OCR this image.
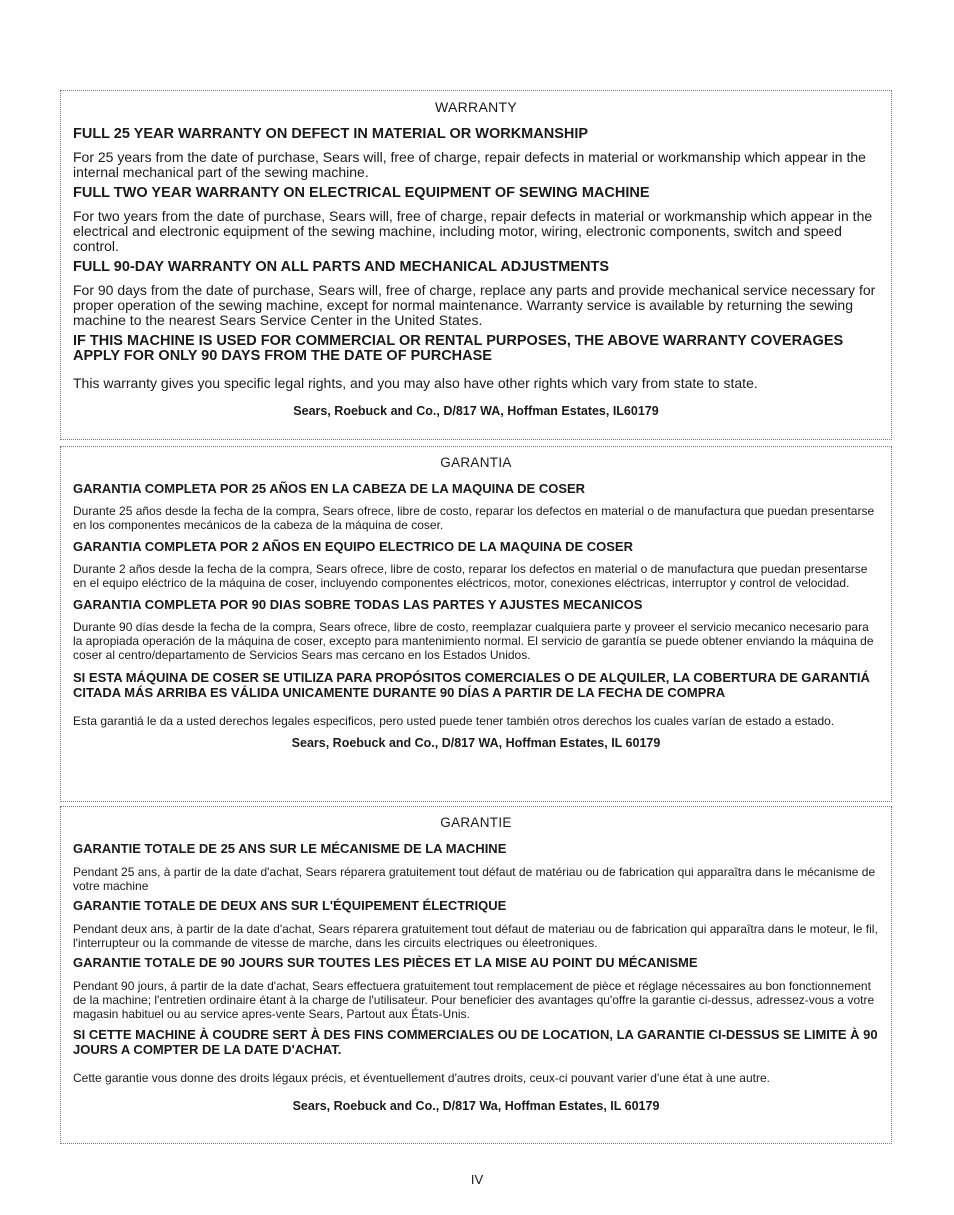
WARRANTY
FULL 25 YEAR WARRANTY ON DEFECT IN MATERIAL OR WORKMANSHIP

For 25 years from the date of purchase, Sears will, free of charge, repair defects in material or workmanship which appear in the internal mechanical part of the sewing machine.

FULL TWO YEAR WARRANTY ON ELECTRICAL EQUIPMENT OF SEWING MACHINE

For two years from the date of purchase, Sears will, free of charge, repair defects in material or workmanship which appear in the electrical and electronic equipment of the sewing machine, including motor, wiring, electronic components, switch and speed control.

FULL 90-DAY WARRANTY ON ALL PARTS AND MECHANICAL ADJUSTMENTS

For 90 days from the date of purchase, Sears will, free of charge, replace any parts and provide mechanical service necessary for proper operation of the sewing machine, except for normal maintenance. Warranty service is available by returning the sewing machine to the nearest Sears Service Center in the United States.

IF THIS MACHINE IS USED FOR COMMERCIAL OR RENTAL PURPOSES, THE ABOVE WARRANTY COVERAGES APPLY FOR ONLY 90 DAYS FROM THE DATE OF PURCHASE

This warranty gives you specific legal rights, and you may also have other rights which vary from state to state.

Sears, Roebuck and Co., D/817 WA, Hoffman Estates, IL60179

GARANTIA
GARANTIA COMPLETA POR 25 AÑOS EN LA CABEZA DE LA MAQUINA DE COSER

Durante 25 años desde la fecha de la compra, Sears ofrece, libre de costo, reparar los defectos en material o de manufactura que puedan presentarse en los componentes mecánicos de la cabeza de la máquina de coser.

GARANTIA COMPLETA POR 2 AÑOS EN EQUIPO ELECTRICO DE LA MAQUINA DE COSER

Durante 2 años desde la fecha de la compra, Sears ofrece, libre de costo, reparar los defectos en material o de manufactura que puedan presentarse en el equipo eléctrico de la máquina de coser, incluyendo componentes eléctricos, motor, conexiones eléctricas, interruptor y control de velocidad.

GARANTIA COMPLETA POR 90 DIAS SOBRE TODAS LAS PARTES Y AJUSTES MECANICOS

Durante 90 días desde la fecha de la compra, Sears ofrece, libre de costo, reemplazar cualquiera parte y proveer el servicio mecanico necesario para la apropiada operación de la máquina de coser, excepto para mantenimiento normal. El servicio de garantía se puede obtener enviando la máquina de coser al centro/departamento de Servicios Sears mas cercano en los Estados Unidos.

SI ESTA MÁQUINA DE COSER SE UTILIZA PARA PROPÓSITOS COMERCIALES O DE ALQUILER, LA COBERTURA DE GARANTIÁ CITADA MÁS ARRIBA ES VÁLIDA UNICAMENTE DURANTE 90 DÍAS A PARTIR DE LA FECHA DE COMPRA

Esta garantiá le da a usted derechos legales especificos, pero usted puede tener también otros derechos los cuales varían de estado a estado.

Sears, Roebuck and Co., D/817 WA, Hoffman Estates, IL 60179

GARANTIE
GARANTIE TOTALE DE 25 ANS SUR LE MÉCANISME DE LA MACHINE

Pendant 25 ans, à partir de la date d'achat, Sears réparera gratuitement tout défaut de matériau ou de fabrication qui apparaîtra dans le mécanisme de votre machine

GARANTIE TOTALE DE DEUX ANS SUR L'ÉQUIPEMENT ÉLECTRIQUE

Pendant deux ans, à partir de la date d'achat, Sears réparera gratuitement tout défaut de materiau ou de fabrication qui apparaîtra dans le moteur, le fil, l'interrupteur ou la commande de vitesse de marche, dans les circuits electriques ou éleetroniques.

GARANTIE TOTALE DE 90 JOURS SUR TOUTES LES PIÈCES ET LA MISE AU POINT DU MÉCANISME

Pendant 90 jours, á partir de la date d'achat, Sears effectuera gratuitement tout remplacement de pièce et réglage nécessaires au bon fonctionnement de la machine; l'entretien ordinaire étant à la charge de l'utilisateur. Pour beneficier des avantages qu'offre la garantie ci-dessus, adressez-vous a votre magasin habituel ou au service apres-vente Sears, Partout aux États-Unis.

SI CETTE MACHINE À COUDRE SERT À DES FINS COMMERCIALES OU DE LOCATION, LA GARANTIE CI-DESSUS SE LIMITE À 90 JOURS A COMPTER DE LA DATE D'ACHAT.

Cette garantie vous donne des droits légaux précis, et éventuellement d'autres droits, ceux-ci pouvant varier d'une état à une autre.

Sears, Roebuck and Co., D/817 Wa, Hoffman Estates, IL 60179

IV
